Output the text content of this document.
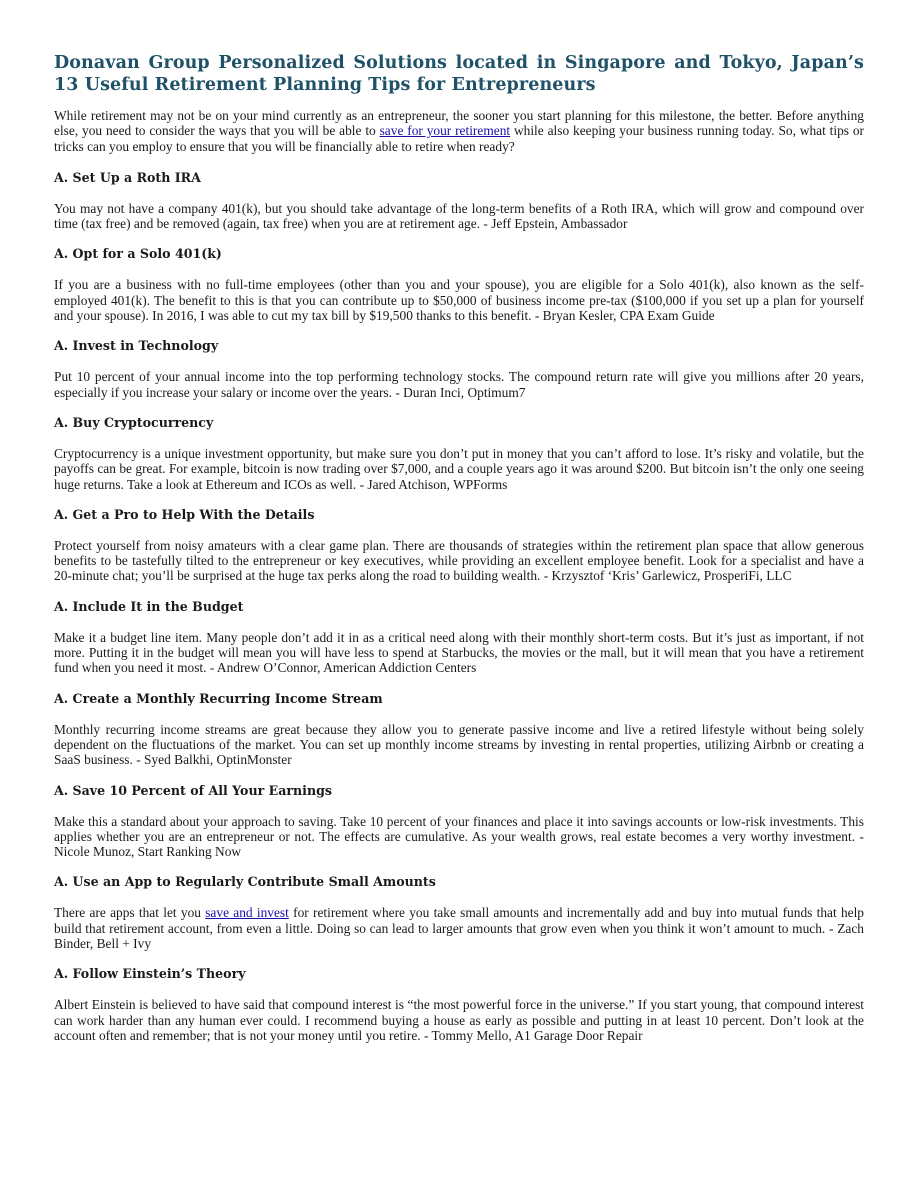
Donavan Group Personalized Solutions located in Singapore and Tokyo, Japan’s 13 Useful Retirement Planning Tips for Entrepreneurs

While retirement may not be on your mind currently as an entrepreneur, the sooner you start planning for this milestone, the better. Before anything else, you need to consider the ways that you will be able to save for your retirement while also keeping your business running today. So, what tips or tricks can you employ to ensure that you will be financially able to retire when ready?

A. Set Up a Roth IRA

You may not have a company 401(k), but you should take advantage of the long-term benefits of a Roth IRA, which will grow and compound over time (tax free) and be removed (again, tax free) when you are at retirement age. - Jeff Epstein, Ambassador

A. Opt for a Solo 401(k)

If you are a business with no full-time employees (other than you and your spouse), you are eligible for a Solo 401(k), also known as the self-employed 401(k). The benefit to this is that you can contribute up to $50,000 of business income pre-tax ($100,000 if you set up a plan for yourself and your spouse). In 2016, I was able to cut my tax bill by $19,500 thanks to this benefit. - Bryan Kesler, CPA Exam Guide

A. Invest in Technology

Put 10 percent of your annual income into the top performing technology stocks. The compound return rate will give you millions after 20 years, especially if you increase your salary or income over the years. - Duran Inci, Optimum7

A. Buy Cryptocurrency

Cryptocurrency is a unique investment opportunity, but make sure you don’t put in money that you can’t afford to lose. It’s risky and volatile, but the payoffs can be great. For example, bitcoin is now trading over $7,000, and a couple years ago it was around $200. But bitcoin isn’t the only one seeing huge returns. Take a look at Ethereum and ICOs as well. - Jared Atchison, WPForms

A. Get a Pro to Help With the Details

Protect yourself from noisy amateurs with a clear game plan. There are thousands of strategies within the retirement plan space that allow generous benefits to be tastefully tilted to the entrepreneur or key executives, while providing an excellent employee benefit. Look for a specialist and have a 20-minute chat; you’ll be surprised at the huge tax perks along the road to building wealth. - Krzysztof ‘Kris’ Garlewicz, ProsperiFi, LLC

A. Include It in the Budget

Make it a budget line item. Many people don’t add it in as a critical need along with their monthly short-term costs. But it’s just as important, if not more. Putting it in the budget will mean you will have less to spend at Starbucks, the movies or the mall, but it will mean that you have a retirement fund when you need it most. - Andrew O’Connor, American Addiction Centers

A. Create a Monthly Recurring Income Stream

Monthly recurring income streams are great because they allow you to generate passive income and live a retired lifestyle without being solely dependent on the fluctuations of the market. You can set up monthly income streams by investing in rental properties, utilizing Airbnb or creating a SaaS business. - Syed Balkhi, OptinMonster

A. Save 10 Percent of All Your Earnings

Make this a standard about your approach to saving. Take 10 percent of your finances and place it into savings accounts or low-risk investments. This applies whether you are an entrepreneur or not. The effects are cumulative. As your wealth grows, real estate becomes a very worthy investment. - Nicole Munoz, Start Ranking Now

A. Use an App to Regularly Contribute Small Amounts

There are apps that let you save and invest for retirement where you take small amounts and incrementally add and buy into mutual funds that help build that retirement account, from even a little. Doing so can lead to larger amounts that grow even when you think it won’t amount to much. - Zach Binder, Bell + Ivy

A. Follow Einstein’s Theory

Albert Einstein is believed to have said that compound interest is “the most powerful force in the universe.” If you start young, that compound interest can work harder than any human ever could. I recommend buying a house as early as possible and putting in at least 10 percent. Don’t look at the account often and remember; that is not your money until you retire. - Tommy Mello, A1 Garage Door Repair
